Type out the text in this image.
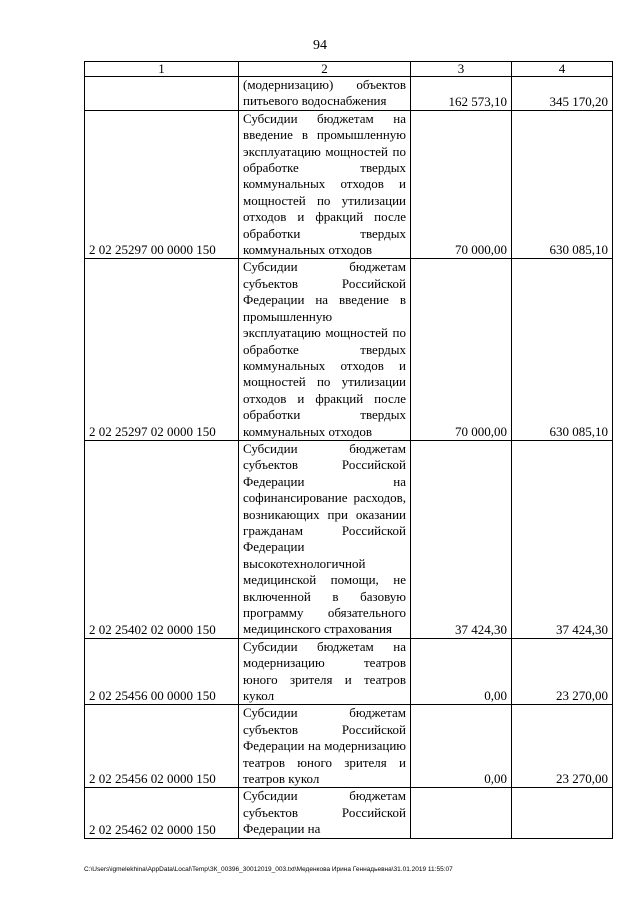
94
1	2	3	4
	(модернизацию) объектов питьевого водоснабжения	162 573,10	345 170,20
2 02 25297 00 0000 150	Субсидии бюджетам на введение в промышленную эксплуатацию мощностей по обработке твердых коммунальных отходов и мощностей по утилизации отходов и фракций после обработки твердых коммунальных отходов	70 000,00	630 085,10
2 02 25297 02 0000 150	Субсидии бюджетам субъектов Российской Федерации на введение в промышленную эксплуатацию мощностей по обработке твердых коммунальных отходов и мощностей по утилизации отходов и фракций после обработки твердых коммунальных отходов	70 000,00	630 085,10
2 02 25402 02 0000 150	Субсидии бюджетам субъектов Российской Федерации на софинансирование расходов, возникающих при оказании гражданам Российской Федерации высокотехнологичной медицинской помощи, не включенной в базовую программу обязательного медицинского страхования	37 424,30	37 424,30
2 02 25456 00 0000 150	Субсидии бюджетам на модернизацию театров юного зрителя и театров кукол	0,00	23 270,00
2 02 25456 02 0000 150	Субсидии бюджетам субъектов Российской Федерации на модернизацию театров юного зрителя и театров кукол	0,00	23 270,00
2 02 25462 02 0000 150	Субсидии бюджетам субъектов Российской Федерации на		
C:\Users\igmelekhina\AppData\Local\Temp\ЗК_00396_30012019_003.txt\Меденкова Ирина Геннадьевна\31.01.2019 11:55:07
